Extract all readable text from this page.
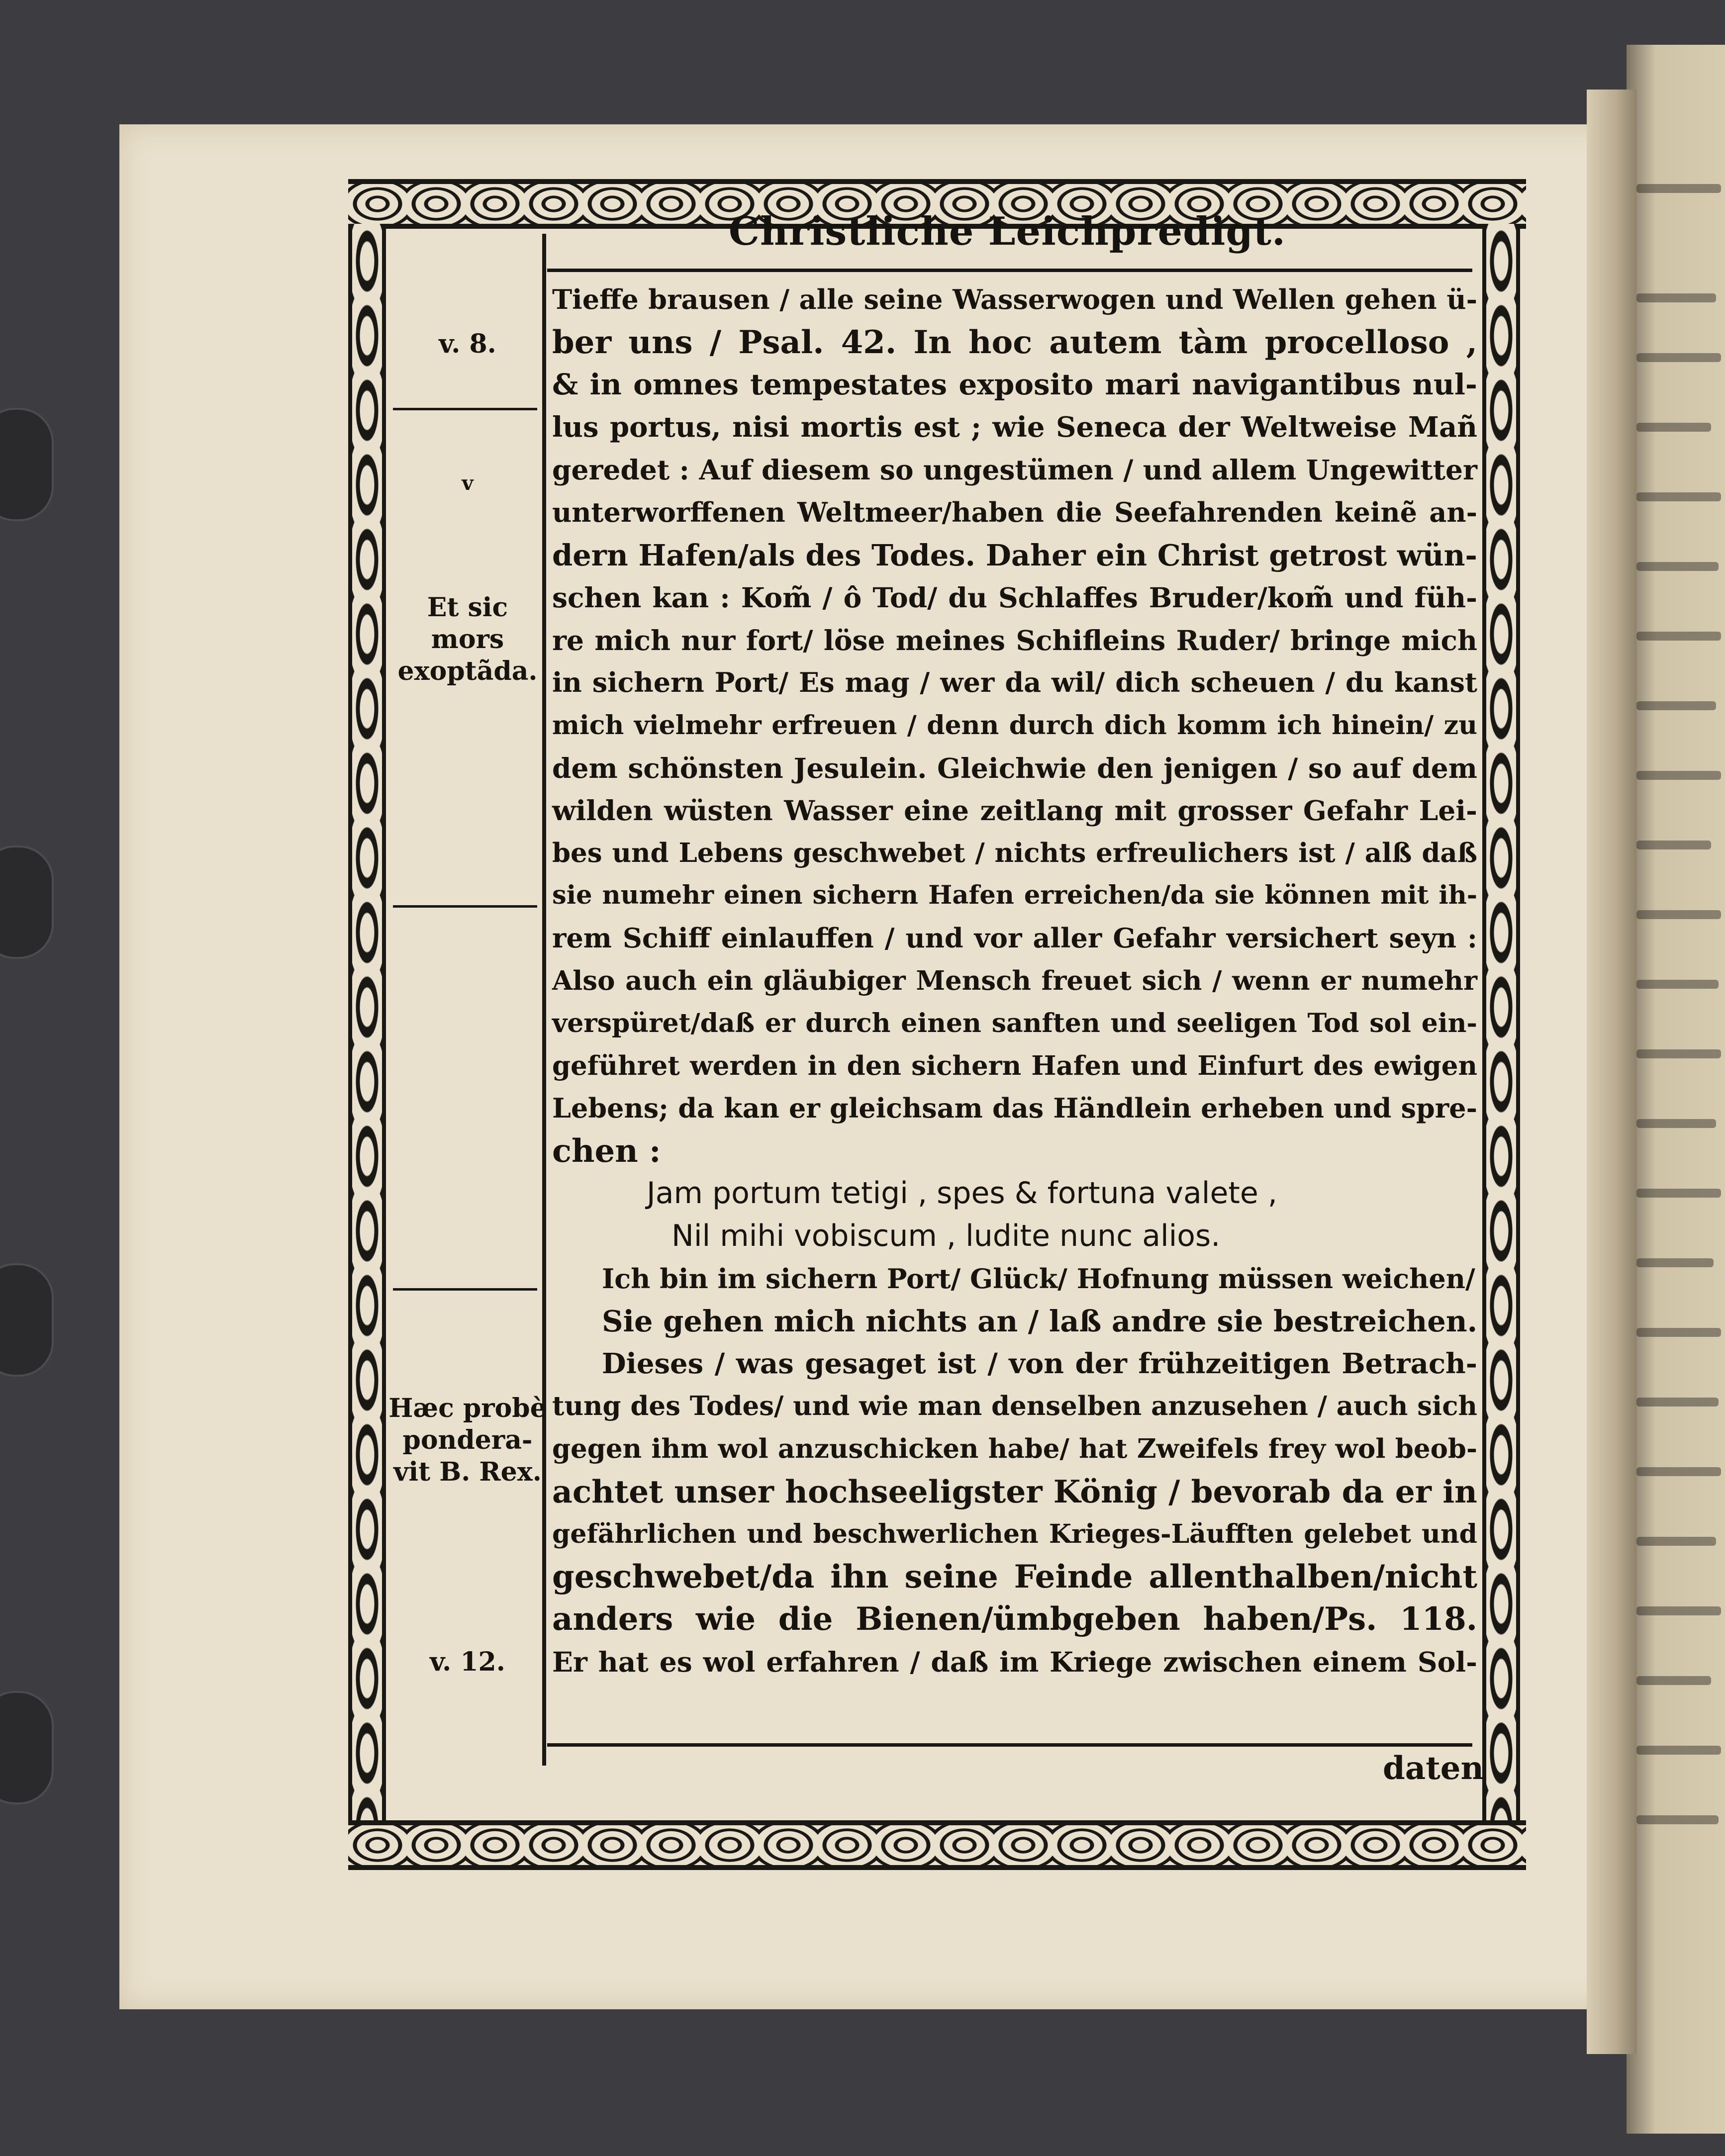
Christliche Leichpredigt.
v. 8.
v
Et sic mors
exoptãda.
Hæc probè
pondera-
vit B. Rex.
v. 12.
Tieffe brausen / alle seine Wasserwogen und Wellen gehen ü-
ber uns / Psal. 42. In hoc autem tàm procelloso ,
& in omnes tempestates exposito mari navigantibus nul-
lus portus, nisi mortis est ; wie Seneca der Weltweise Mañ
geredet : Auf diesem so ungestümen / und allem Ungewitter
unterworffenen Weltmeer/haben die Seefahrenden keinẽ an-
dern Hafen/als des Todes. Daher ein Christ getrost wün-
schen kan : Kom̃ / ô Tod/ du Schlaffes Bruder/kom̃ und füh-
re mich nur fort/ löse meines Schifleins Ruder/ bringe mich
in sichern Port/ Es mag / wer da wil/ dich scheuen / du kanst
mich vielmehr erfreuen / denn durch dich komm ich hinein/ zu
dem schönsten Jesulein. Gleichwie den jenigen / so auf dem
wilden wüsten Wasser eine zeitlang mit grosser Gefahr Lei-
bes und Lebens geschwebet / nichts erfreulichers ist / alß daß
sie numehr einen sichern Hafen erreichen/da sie können mit ih-
rem Schiff einlauffen / und vor aller Gefahr versichert seyn :
Also auch ein gläubiger Mensch freuet sich / wenn er numehr
verspüret/daß er durch einen sanften und seeligen Tod sol ein-
geführet werden in den sichern Hafen und Einfurt des ewigen
Lebens; da kan er gleichsam das Händlein erheben und spre-
chen :
Jam portum tetigi , spes & fortuna valete ,
Nil mihi vobiscum , ludite nunc alios.
Ich bin im sichern Port/ Glück/ Hofnung müssen weichen/
Sie gehen mich nichts an / laß andre sie bestreichen.
Dieses / was gesaget ist / von der frühzeitigen Betrach-
tung des Todes/ und wie man denselben anzusehen / auch sich
gegen ihm wol anzuschicken habe/ hat Zweifels frey wol beob-
achtet unser hochseeligster König / bevorab da er in
gefährlichen und beschwerlichen Krieges-Läufften gelebet und
geschwebet/da ihn seine Feinde allenthalben/nicht
anders wie die Bienen/ümbgeben haben/Ps. 118.
Er hat es wol erfahren / daß im Kriege zwischen einem Sol-
daten
